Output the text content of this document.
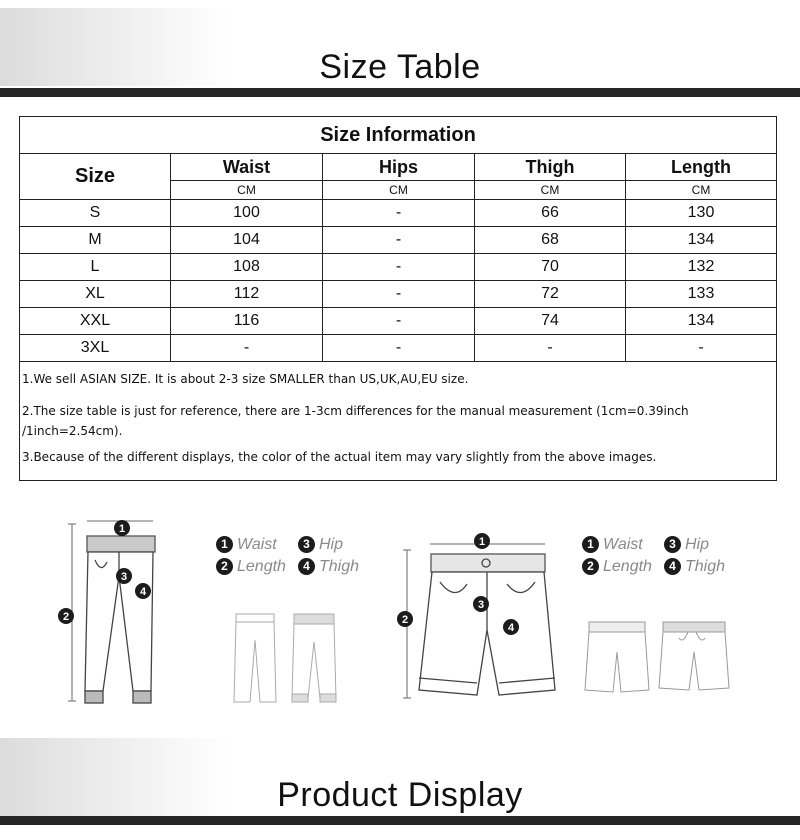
Size Table
Size Information				
Size	Waist	Hips	Thigh	Length
	CM	CM	CM	CM
S	100	-	66	130
M	104	-	68	134
L	108	-	70	132
XL	112	-	72	133
XXL	116	-	74	134
3XL	-	-	-	-

1.We sell ASIAN SIZE. It is about 2-3 size SMALLER than US,UK,AU,EU size.

2.The size table is just for reference, there are 1-3cm differences for the manual measurement (1cm=0.39inch /1inch=2.54cm).

3.Because of the different displays, the color of the actual item may vary slightly from the above images.				

1
2
3
4
1 Waist	3 Hip
2 Length	4 Thigh
1
2
3
4
1 Waist	3 Hip
2 Length	4 Thigh
Product Display
